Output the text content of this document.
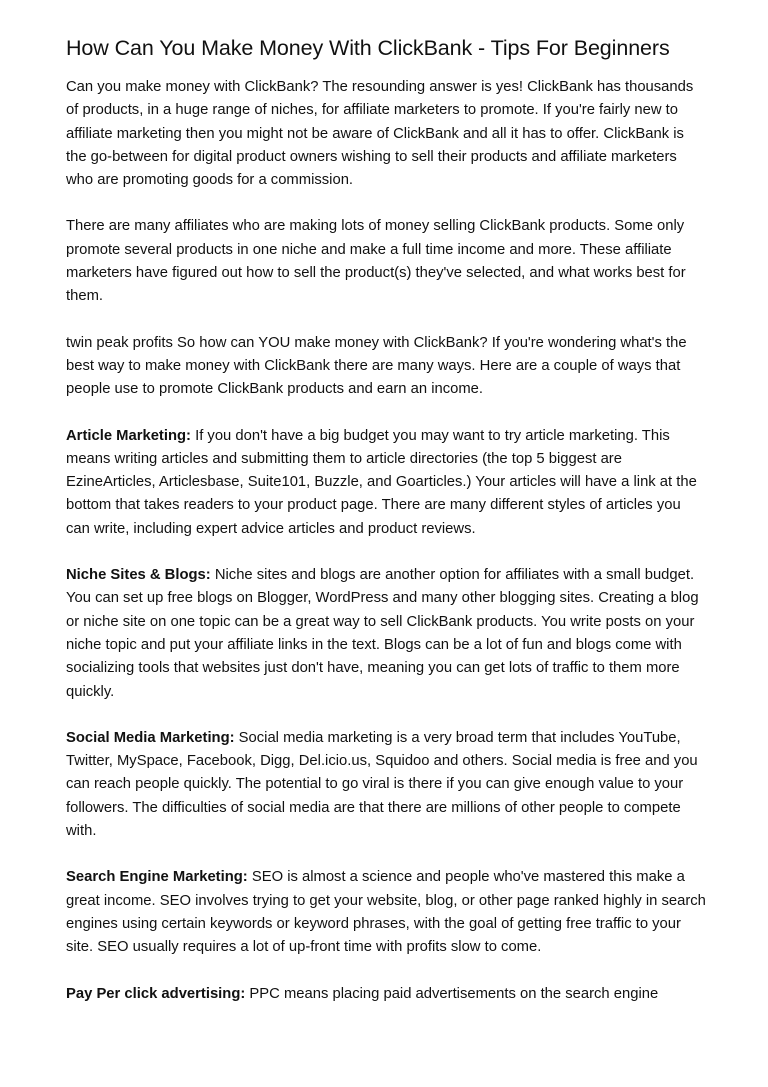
How Can You Make Money With ClickBank - Tips For Beginners

Can you make money with ClickBank? The resounding answer is yes! ClickBank has thousands of products, in a huge range of niches, for affiliate marketers to promote. If you're fairly new to affiliate marketing then you might not be aware of ClickBank and all it has to offer. ClickBank is the go-between for digital product owners wishing to sell their products and affiliate marketers who are promoting goods for a commission.

There are many affiliates who are making lots of money selling ClickBank products. Some only promote several products in one niche and make a full time income and more. These affiliate marketers have figured out how to sell the product(s) they've selected, and what works best for them.

twin peak profits So how can YOU make money with ClickBank? If you're wondering what's the best way to make money with ClickBank there are many ways. Here are a couple of ways that people use to promote ClickBank products and earn an income.

Article Marketing: If you don't have a big budget you may want to try article marketing. This means writing articles and submitting them to article directories (the top 5 biggest are EzineArticles, Articlesbase, Suite101, Buzzle, and Goarticles.) Your articles will have a link at the bottom that takes readers to your product page. There are many different styles of articles you can write, including expert advice articles and product reviews.

Niche Sites & Blogs: Niche sites and blogs are another option for affiliates with a small budget. You can set up free blogs on Blogger, WordPress and many other blogging sites. Creating a blog or niche site on one topic can be a great way to sell ClickBank products. You write posts on your niche topic and put your affiliate links in the text. Blogs can be a lot of fun and blogs come with socializing tools that websites just don't have, meaning you can get lots of traffic to them more quickly.

Social Media Marketing: Social media marketing is a very broad term that includes YouTube, Twitter, MySpace, Facebook, Digg, Del.icio.us, Squidoo and others. Social media is free and you can reach people quickly. The potential to go viral is there if you can give enough value to your followers. The difficulties of social media are that there are millions of other people to compete with.

Search Engine Marketing: SEO is almost a science and people who've mastered this make a great income. SEO involves trying to get your website, blog, or other page ranked highly in search engines using certain keywords or keyword phrases, with the goal of getting free traffic to your site. SEO usually requires a lot of up-front time with profits slow to come.

Pay Per click advertising: PPC means placing paid advertisements on the search engine
